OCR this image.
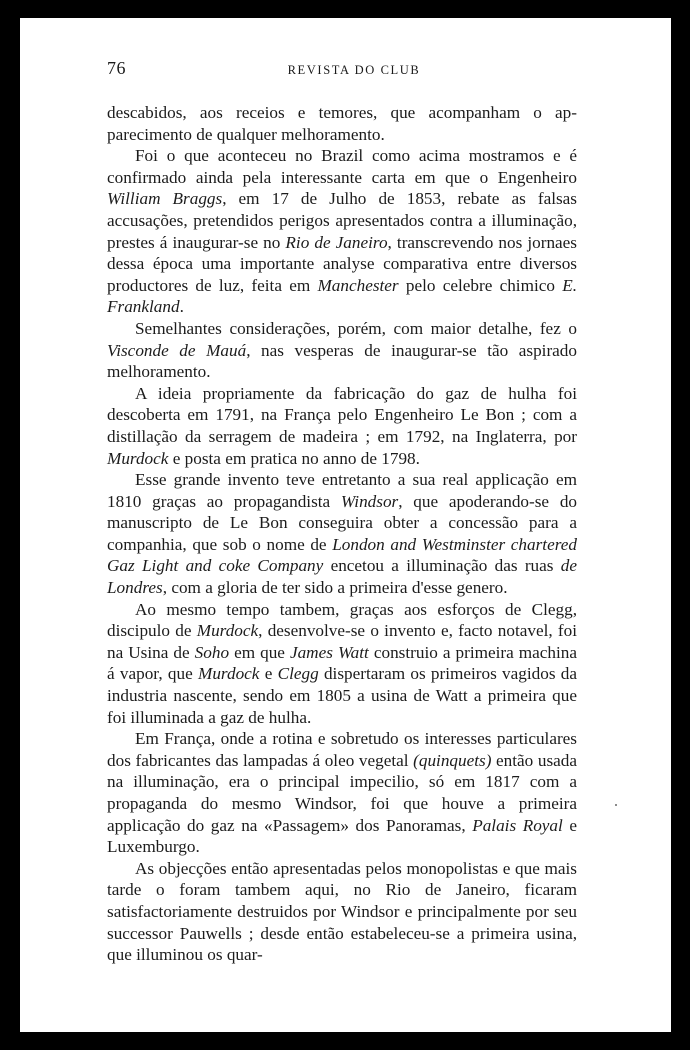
76	REVISTA DO CLUB

descabidos, aos receios e temores, que acompanham o ap-parecimento de qualquer melhoramento.

Foi o que aconteceu no Brazil como acima mostramos e é confirmado ainda pela interessante carta em que o Engenheiro William Braggs, em 17 de Julho de 1853, rebate as falsas accusações, pretendidos perigos apresentados contra a illuminação, prestes á inaugurar-se no Rio de Janeiro, transcrevendo nos jornaes dessa época uma importante analyse comparativa entre diversos productores de luz, feita em Manchester pelo celebre chimico E. Frankland.

Semelhantes considerações, porém, com maior detalhe, fez o Visconde de Mauá, nas vesperas de inaugurar-se tão aspirado melhoramento.

A ideia propriamente da fabricação do gaz de hulha foi descoberta em 1791, na França pelo Engenheiro Le Bon ; com a distillação da serragem de madeira ; em 1792, na Inglaterra, por Murdock e posta em pratica no anno de 1798.

Esse grande invento teve entretanto a sua real applicação em 1810 graças ao propagandista Windsor, que apoderando-se do manuscripto de Le Bon conseguira obter a concessão para a companhia, que sob o nome de London and Westminster chartered Gaz Light and coke Company encetou a illuminação das ruas de Londres, com a gloria de ter sido a primeira d'esse genero.

Ao mesmo tempo tambem, graças aos esforços de Clegg, discipulo de Murdock, desenvolve-se o invento e, facto notavel, foi na Usina de Soho em que James Watt construio a primeira machina á vapor, que Murdock e Clegg dispertaram os primeiros vagidos da industria nascente, sendo em 1805 a usina de Watt a primeira que foi illuminada a gaz de hulha.

Em França, onde a rotina e sobretudo os interesses particulares dos fabricantes das lampadas á oleo vegetal (quinquets) então usada na illuminação, era o principal impecilio, só em 1817 com a propaganda do mesmo Windsor, foi que houve a primeira applicação do gaz na «Passagem» dos Panoramas, Palais Royal e Luxemburgo.

As objecções então apresentadas pelos monopolistas e que mais tarde o foram tambem aqui, no Rio de Janeiro, ficaram satisfactoriamente destruidos por Windsor e principalmente por seu successor Pauwells ; desde então estabeleceu-se a primeira usina, que illuminou os quar-
